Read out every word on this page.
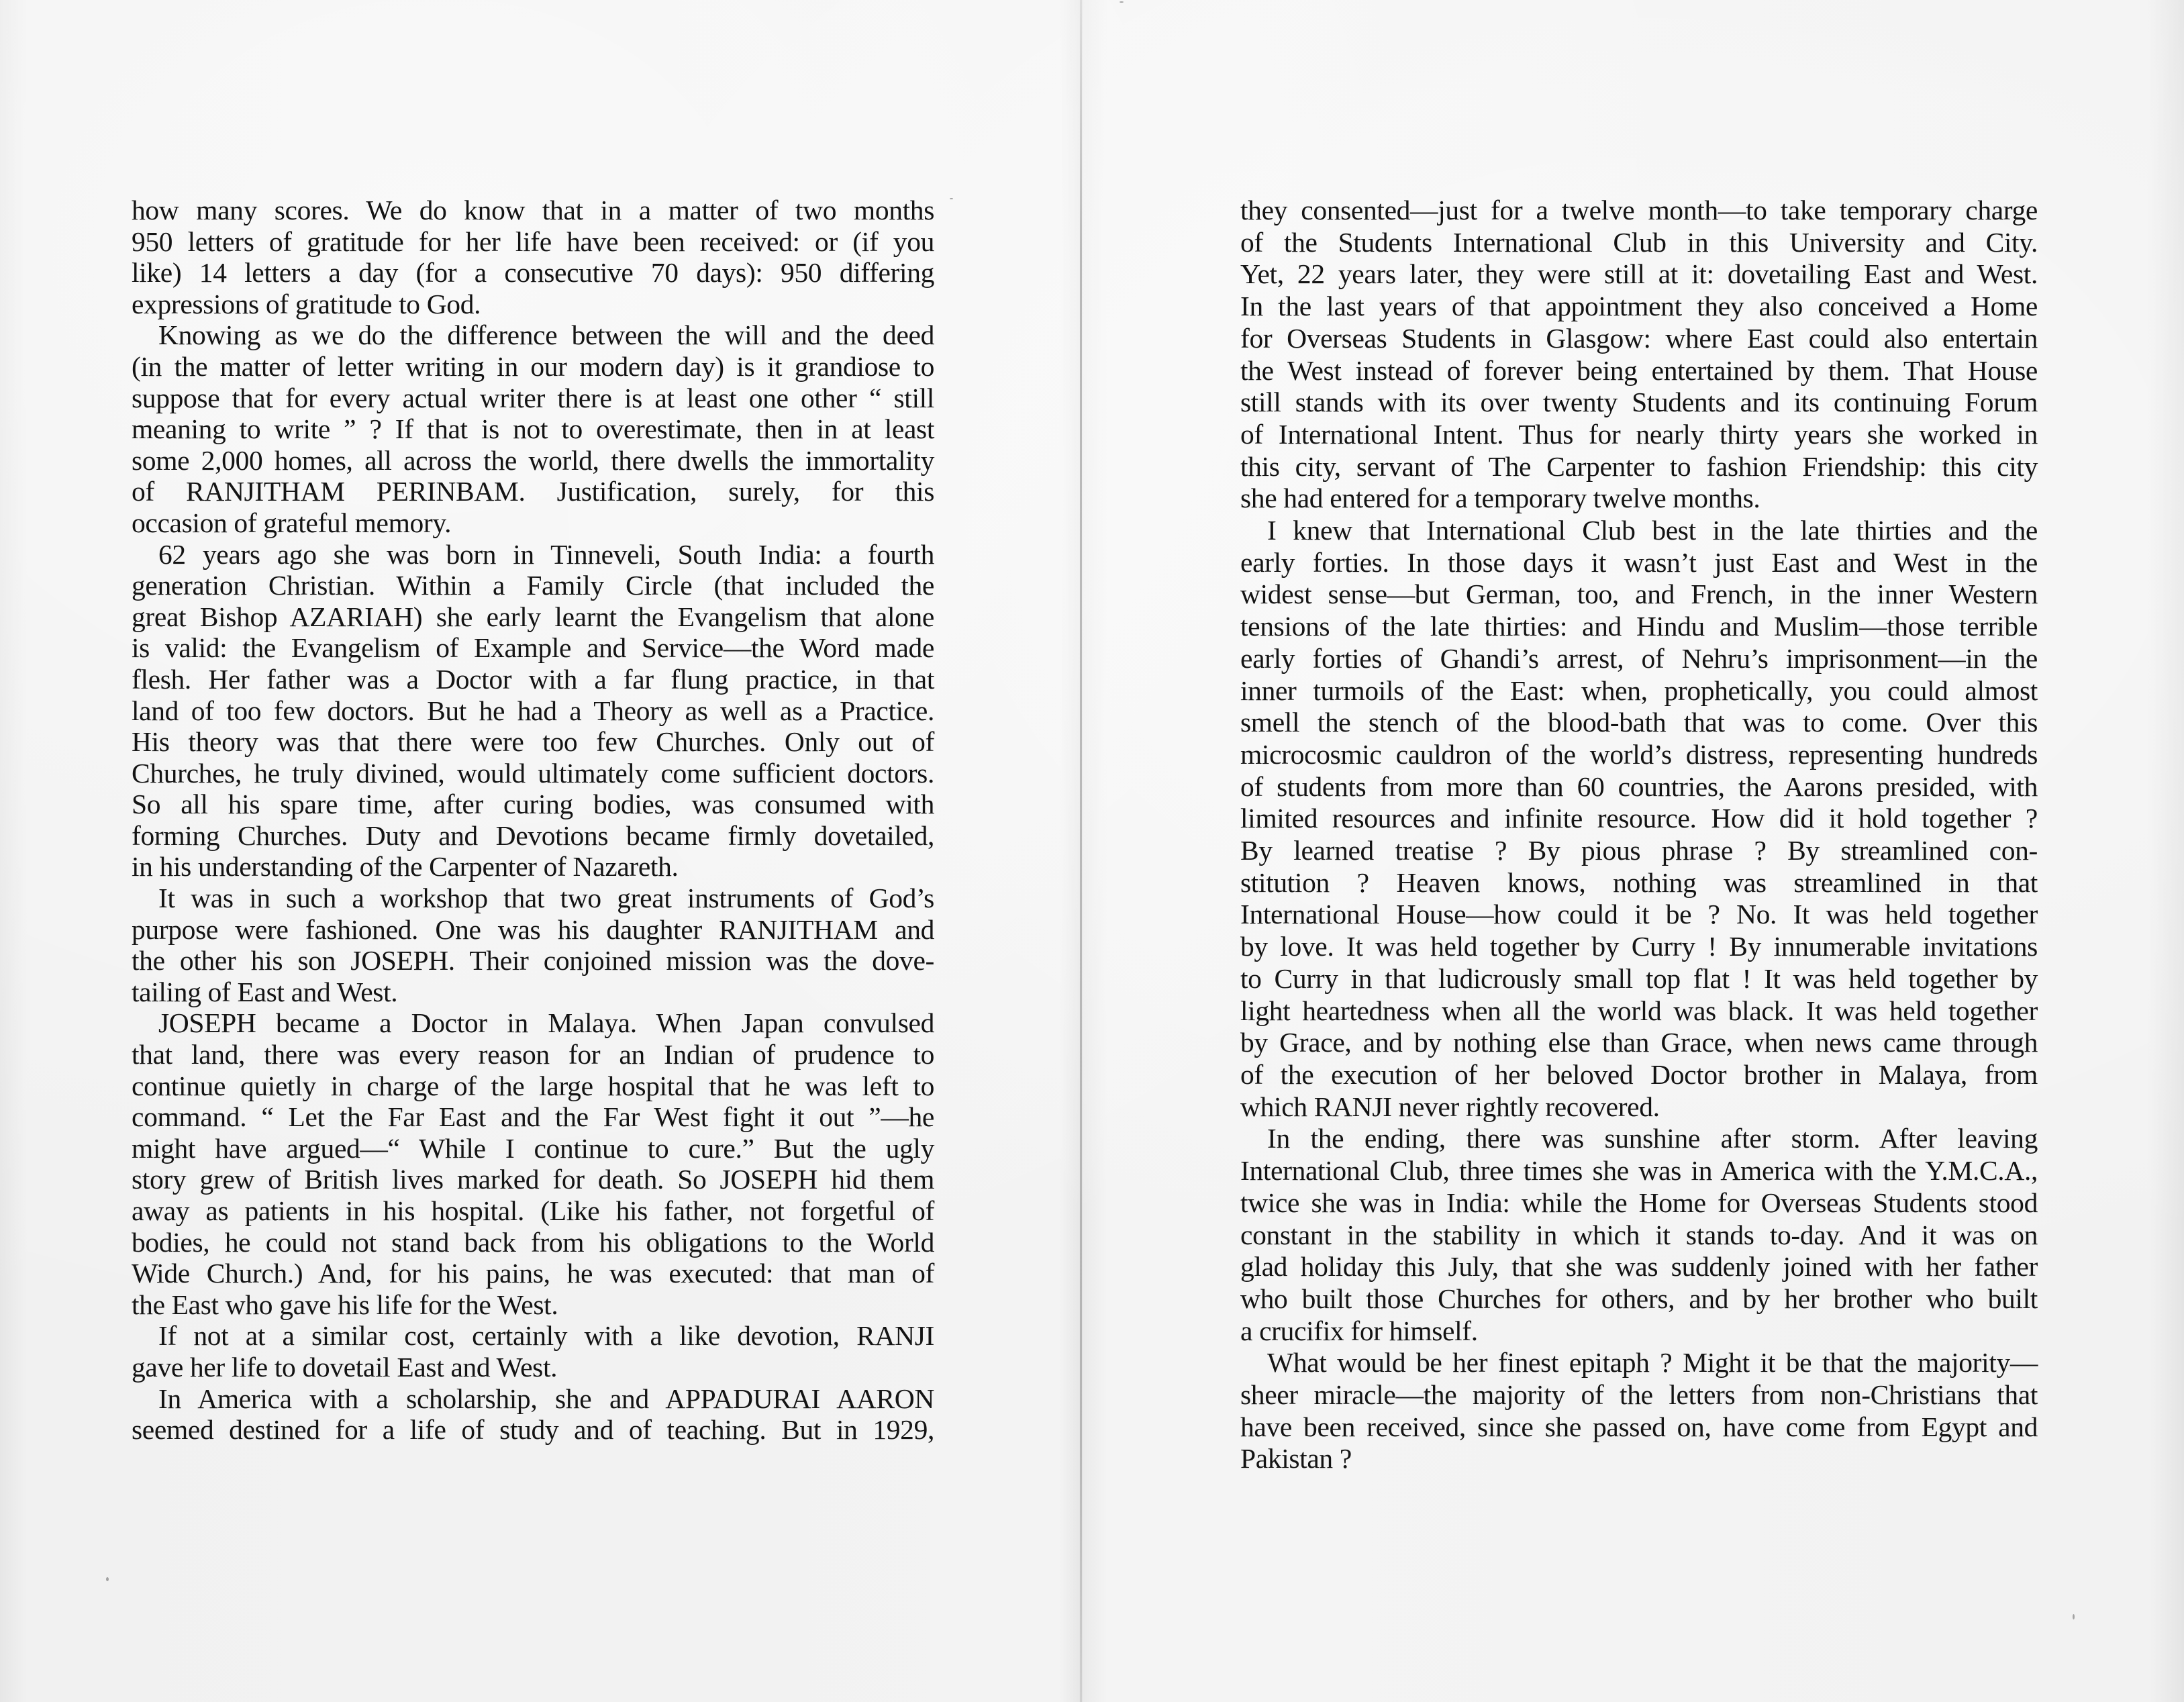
how many scores. We do know that in a matter of two months
950 letters of gratitude for her life have been received: or (if you
like) 14 letters a day (for a consecutive 70 days): 950 differing
expressions of gratitude to God.
Knowing as we do the difference between the will and the deed
(in the matter of letter writing in our modern day) is it grandiose to
suppose that for every actual writer there is at least one other “ still
meaning to write ” ? If that is not to overestimate, then in at least
some 2,000 homes, all across the world, there dwells the immortality
of RANJITHAM PERINBAM. Justification, surely, for this
occasion of grateful memory.
62 years ago she was born in Tinneveli, South India: a fourth
generation Christian. Within a Family Circle (that included the
great Bishop AZARIAH) she early learnt the Evangelism that alone
is valid: the Evangelism of Example and Service—the Word made
flesh. Her father was a Doctor with a far flung practice, in that
land of too few doctors. But he had a Theory as well as a Practice.
His theory was that there were too few Churches. Only out of
Churches, he truly divined, would ultimately come sufficient doctors.
So all his spare time, after curing bodies, was consumed with
forming Churches. Duty and Devotions became firmly dovetailed,
in his understanding of the Carpenter of Nazareth.
It was in such a workshop that two great instruments of God’s
purpose were fashioned. One was his daughter RANJITHAM and
the other his son JOSEPH. Their conjoined mission was the dove-
tailing of East and West.
JOSEPH became a Doctor in Malaya. When Japan convulsed
that land, there was every reason for an Indian of prudence to
continue quietly in charge of the large hospital that he was left to
command. “ Let the Far East and the Far West fight it out ”—he
might have argued—“ While I continue to cure.” But the ugly
story grew of British lives marked for death. So JOSEPH hid them
away as patients in his hospital. (Like his father, not forgetful of
bodies, he could not stand back from his obligations to the World
Wide Church.) And, for his pains, he was executed: that man of
the East who gave his life for the West.
If not at a similar cost, certainly with a like devotion, RANJI
gave her life to dovetail East and West.
In America with a scholarship, she and APPADURAI AARON
seemed destined for a life of study and of teaching. But in 1929,
they consented—just for a twelve month—to take temporary charge
of the Students International Club in this University and City.
Yet, 22 years later, they were still at it: dovetailing East and West.
In the last years of that appointment they also conceived a Home
for Overseas Students in Glasgow: where East could also entertain
the West instead of forever being entertained by them. That House
still stands with its over twenty Students and its continuing Forum
of International Intent. Thus for nearly thirty years she worked in
this city, servant of The Carpenter to fashion Friendship: this city
she had entered for a temporary twelve months.
I knew that International Club best in the late thirties and the
early forties. In those days it wasn’t just East and West in the
widest sense—but German, too, and French, in the inner Western
tensions of the late thirties: and Hindu and Muslim—those terrible
early forties of Ghandi’s arrest, of Nehru’s imprisonment—in the
inner turmoils of the East: when, prophetically, you could almost
smell the stench of the blood-bath that was to come. Over this
microcosmic cauldron of the world’s distress, representing hundreds
of students from more than 60 countries, the Aarons presided, with
limited resources and infinite resource. How did it hold together ?
By learned treatise ? By pious phrase ? By streamlined con-
stitution ? Heaven knows, nothing was streamlined in that
International House—how could it be ? No. It was held together
by love. It was held together by Curry ! By innumerable invitations
to Curry in that ludicrously small top flat ! It was held together by
light heartedness when all the world was black. It was held together
by Grace, and by nothing else than Grace, when news came through
of the execution of her beloved Doctor brother in Malaya, from
which RANJI never rightly recovered.
In the ending, there was sunshine after storm. After leaving
International Club, three times she was in America with the Y.M.C.A.,
twice she was in India: while the Home for Overseas Students stood
constant in the stability in which it stands to-day. And it was on
glad holiday this July, that she was suddenly joined with her father
who built those Churches for others, and by her brother who built
a crucifix for himself.
What would be her finest epitaph ? Might it be that the majority—
sheer miracle—the majority of the letters from non-Christians that
have been received, since she passed on, have come from Egypt and
Pakistan ?
